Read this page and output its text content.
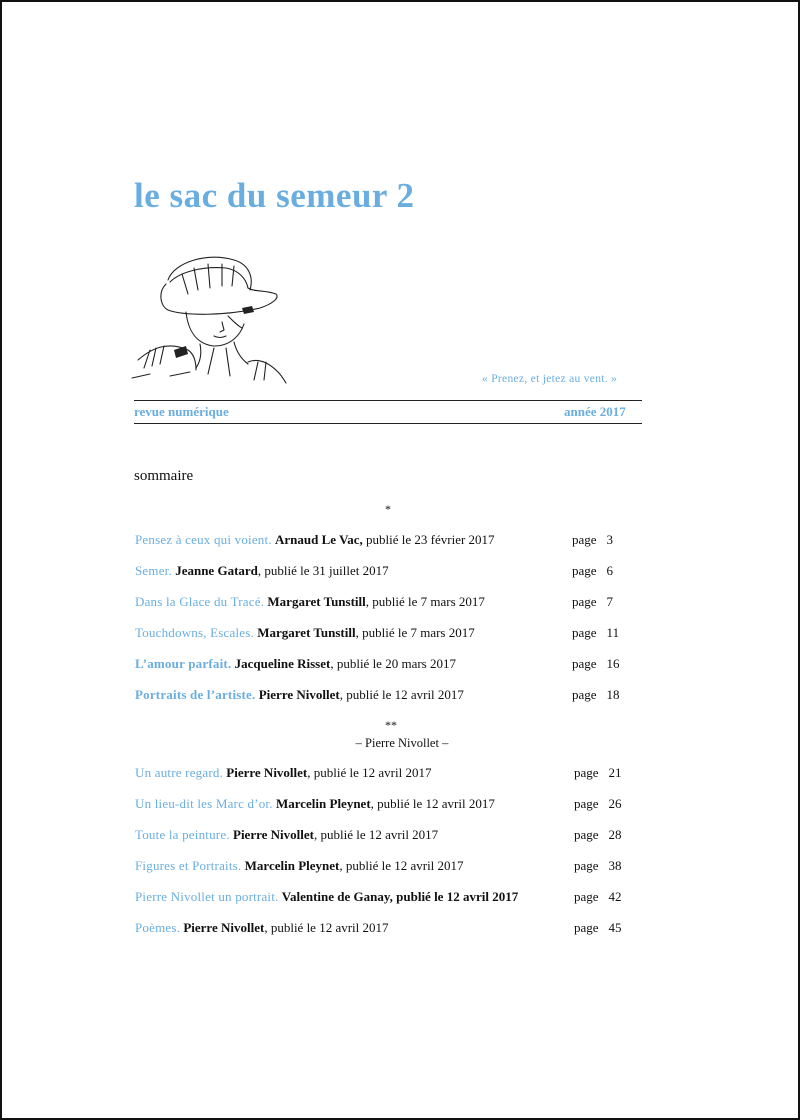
le sac du semeur 2
« Prenez, et jetez au vent. »
revue numérique	année 2017
sommaire
*
Pensez à ceux qui voient. Arnaud Le Vac, publié le 23 février 2017	page 3
Semer. Jeanne Gatard, publié le 31 juillet 2017	page 6
Dans la Glace du Tracé. Margaret Tunstill, publié le 7 mars 2017	page 7
Touchdowns, Escales. Margaret Tunstill, publié le 7 mars 2017	page 11
L’amour parfait. Jacqueline Risset, publié le 20 mars 2017	page 16
Portraits de l’artiste. Pierre Nivollet, publié le 12 avril 2017	page 18
**
– Pierre Nivollet –
Un autre regard. Pierre Nivollet, publié le 12 avril 2017	page 21
Un lieu-dit les Marc d’or. Marcelin Pleynet, publié le 12 avril 2017	page 26
Toute la peinture. Pierre Nivollet, publié le 12 avril 2017	page 28
Figures et Portraits. Marcelin Pleynet, publié le 12 avril 2017	page 38
Pierre Nivollet un portrait. Valentine de Ganay, publié le 12 avril 2017	page 42
Poèmes. Pierre Nivollet, publié le 12 avril 2017	page 45
